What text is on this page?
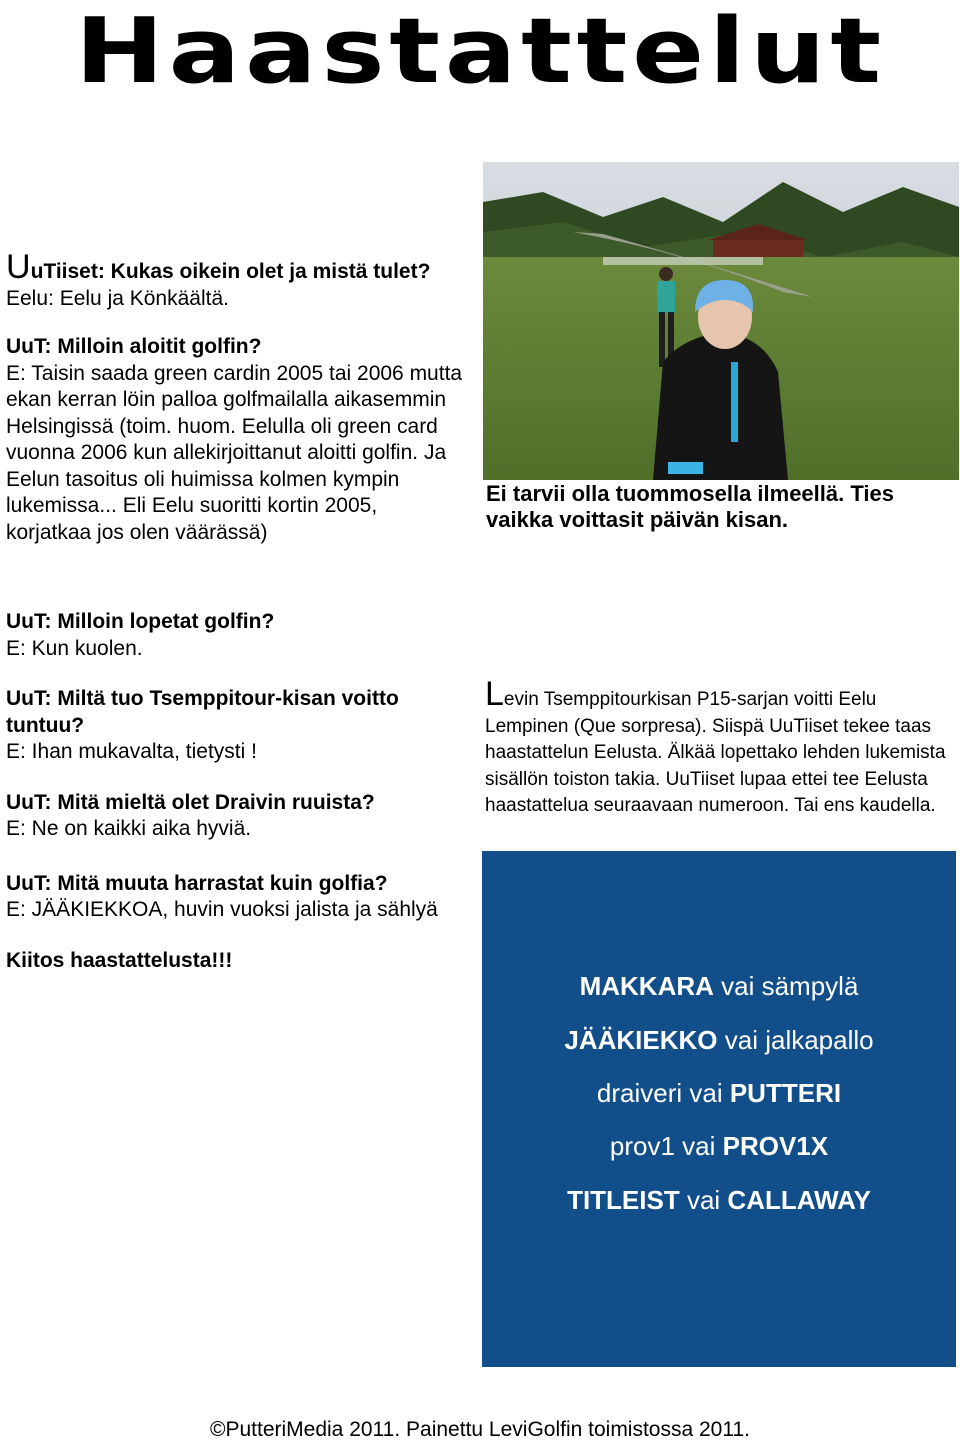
Haastattelut

UuTiiset: Kukas oikein olet ja mistä tulet?
Eelu: Eelu ja Könkäältä.

UuT: Milloin aloitit golfin?
E: Taisin saada green cardin 2005 tai 2006 mutta ekan kerran löin palloa golfmailalla aikasemmin Helsingissä (toim. huom. Eelulla oli green card vuonna 2006 kun allekirjoittanut aloitti golfin. Ja Eelun tasoitus oli huimissa kolmen kympin lukemissa... Eli Eelu suoritti kortin 2005, korjatkaa jos olen väärässä)

UuT: Milloin lopetat golfin?
E: Kun kuolen.

UuT: Miltä tuo Tsemppitour-kisan voitto tuntuu?
E: Ihan mukavalta, tietysti !

UuT: Mitä mieltä olet Draivin ruuista?
E: Ne on kaikki aika hyviä.

UuT: Mitä muuta harrastat kuin golfia?
E: JÄÄKIEKKOA, huvin vuoksi jalista ja sählyä

Kiitos haastattelusta!!!

Ei tarvii olla tuommosella ilmeellä. Ties vaikka voittasit päivän kisan.

Levin Tsemppitourkisan P15-sarjan voitti Eelu Lempinen (Que sorpresa). Siispä UuTiiset tekee taas haastattelun Eelusta. Älkää lopettako lehden lukemista sisällön toiston takia. UuTiiset lupaa ettei tee Eelusta haastattelua seuraavaan numeroon. Tai ens kaudella.

MAKKARA vai sämpylä
JÄÄKIEKKO vai jalkapallo
draiveri vai PUTTERI
prov1 vai PROV1X
TITLEIST vai CALLAWAY
©PutteriMedia 2011. Painettu LeviGolfin toimistossa 2011.
